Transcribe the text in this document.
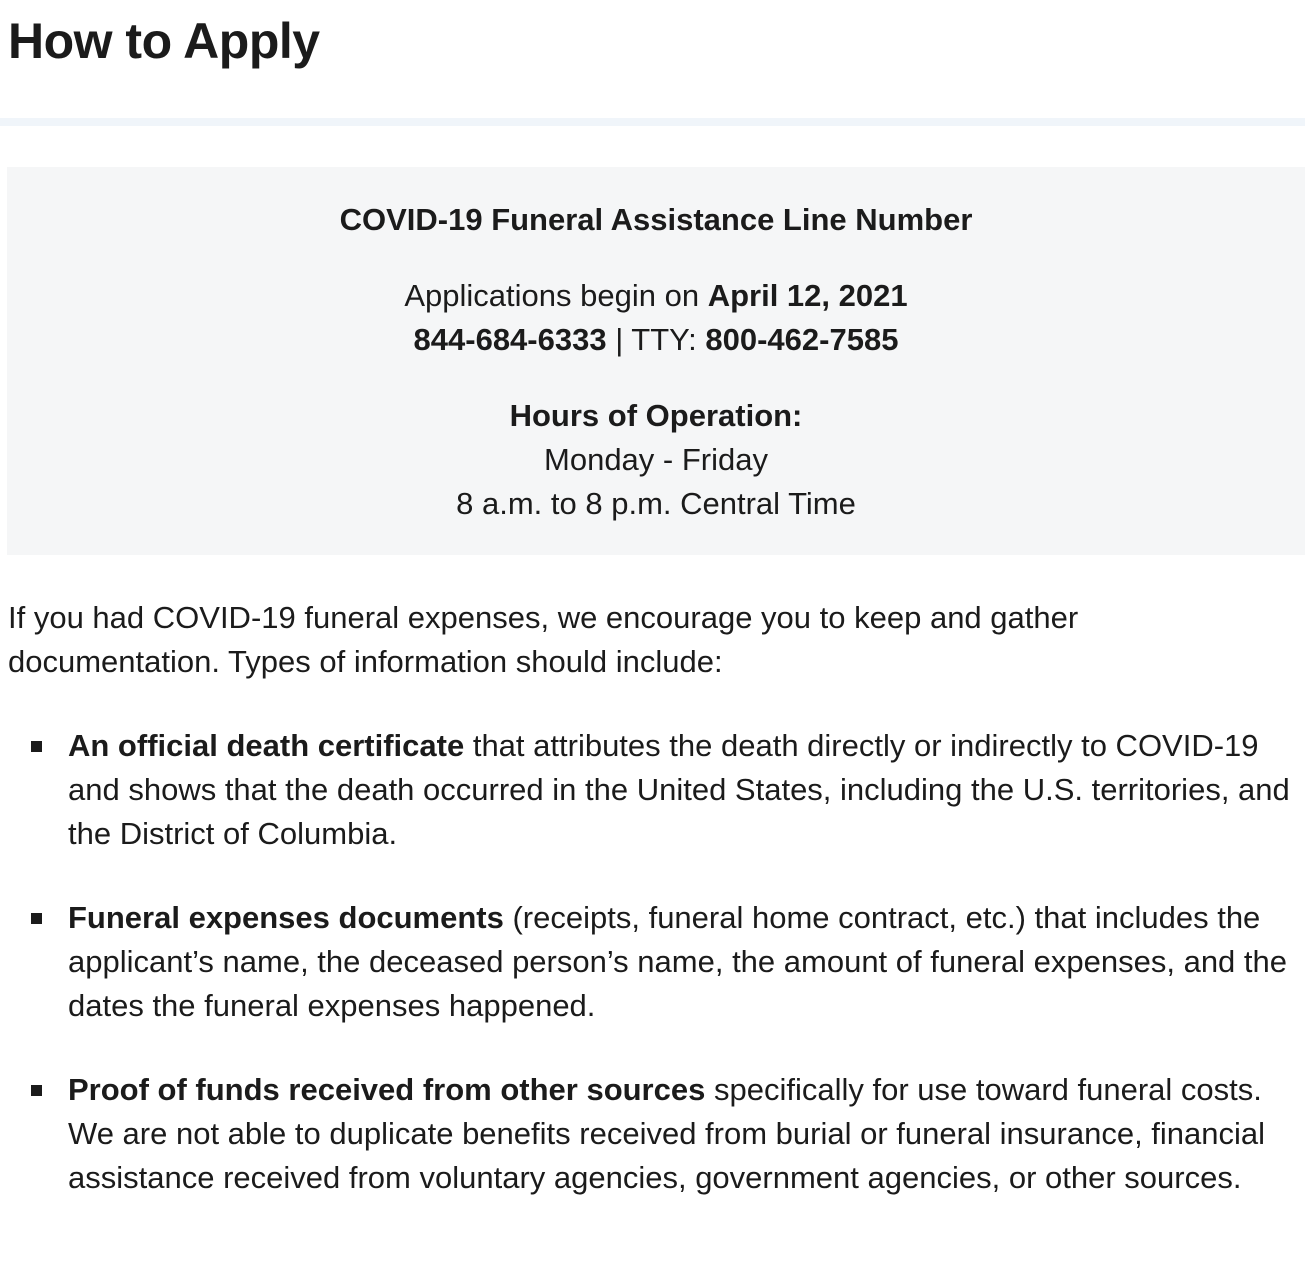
How to Apply

COVID-19 Funeral Assistance Line Number

Applications begin on April 12, 2021

844-684-6333 | TTY: 800-462-7585

Hours of Operation:

Monday - Friday

8 a.m. to 8 p.m. Central Time

If you had COVID-19 funeral expenses, we encourage you to keep and gather documentation. Types of information should include:

An official death certificate that attributes the death directly or indirectly to COVID-19 and shows that the death occurred in the United States, including the U.S. territories, and the District of Columbia.
Funeral expenses documents (receipts, funeral home contract, etc.) that includes the applicant’s name, the deceased person’s name, the amount of funeral expenses, and the dates the funeral expenses happened.
Proof of funds received from other sources specifically for use toward funeral costs. We are not able to duplicate benefits received from burial or funeral insurance, financial assistance received from voluntary agencies, government agencies, or other sources.
